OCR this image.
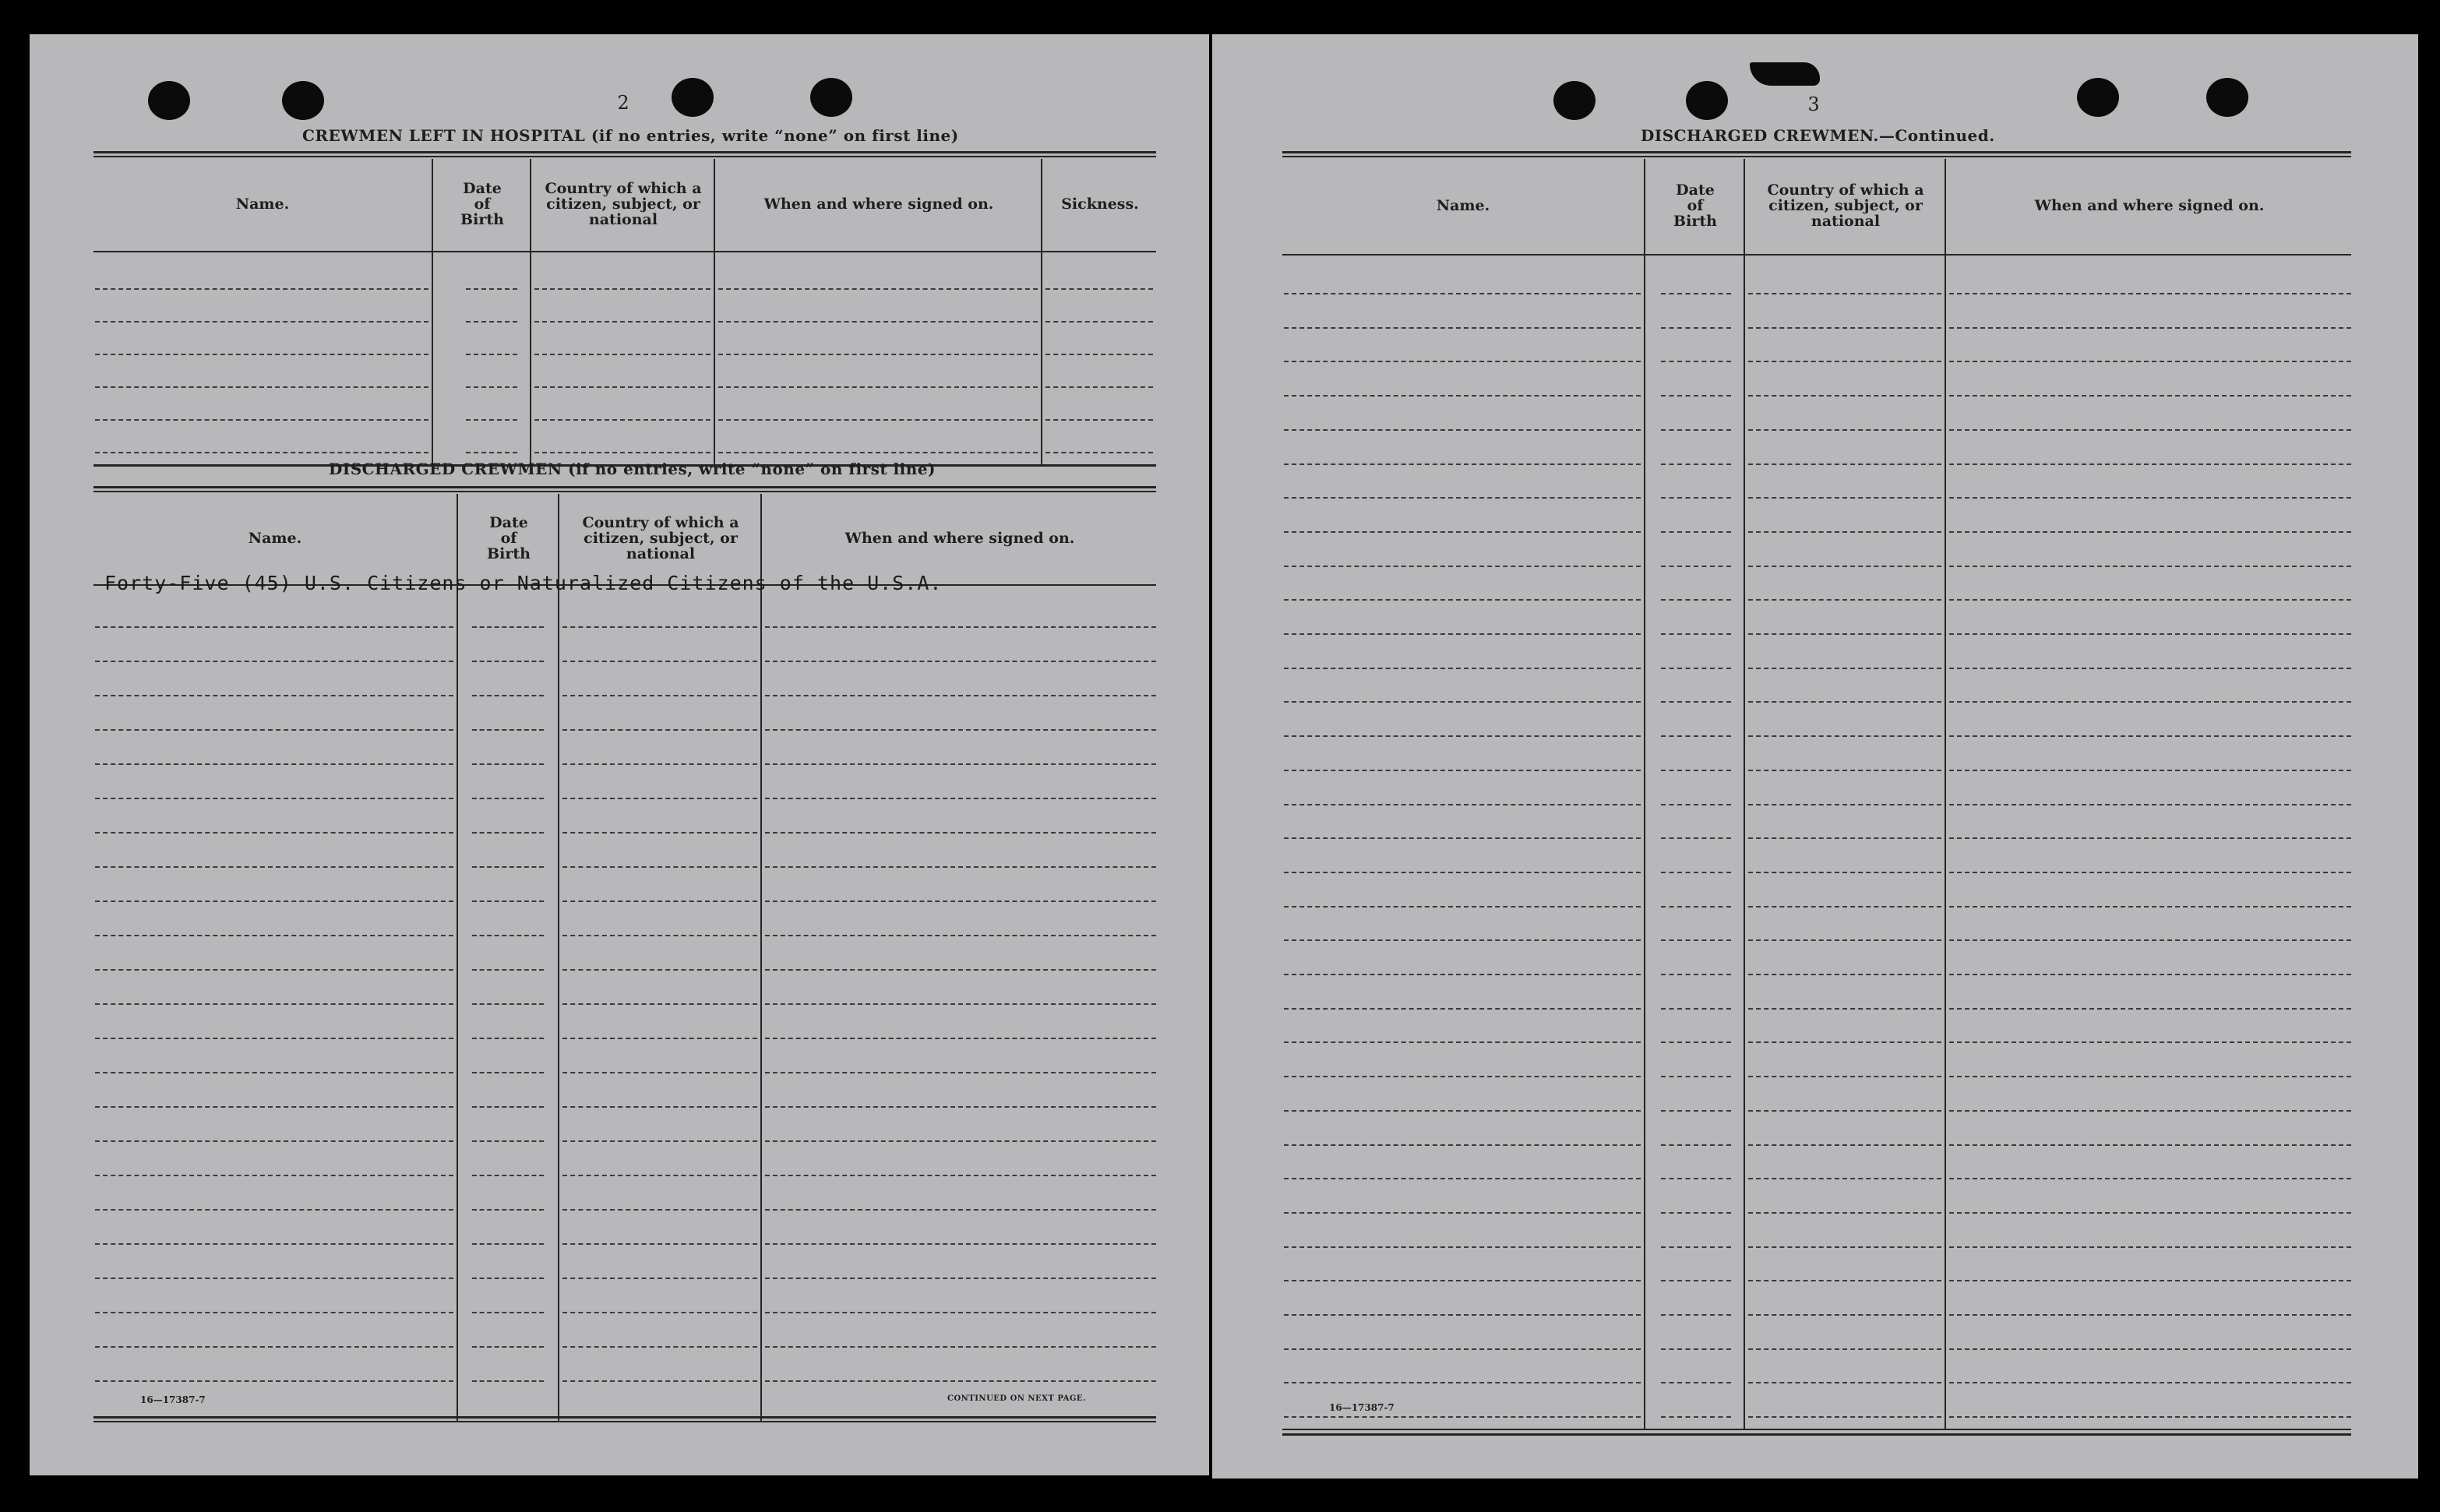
2
CREWMEN LEFT IN HOSPITAL (if no entries, write “none” on first line)
Name.
Date
of
Birth
Country of which a
citizen, subject, or
national
When and where signed on.	Sickness.
DISCHARGED CREWMEN (if no entries, write “none” on first line)
Name.
Date
of
Birth
Country of which a
citizen, subject, or
national
When and where signed on.
Forty-Five (45) U.S. Citizens or Naturalized Citizens of the U.S.A.
16—17387-7	CONTINUED ON NEXT PAGE.
3
DISCHARGED CREWMEN.—Continued.
Name.
Date
of
Birth
Country of which a
citizen, subject, or
national
When and where signed on.
16—17387-7
